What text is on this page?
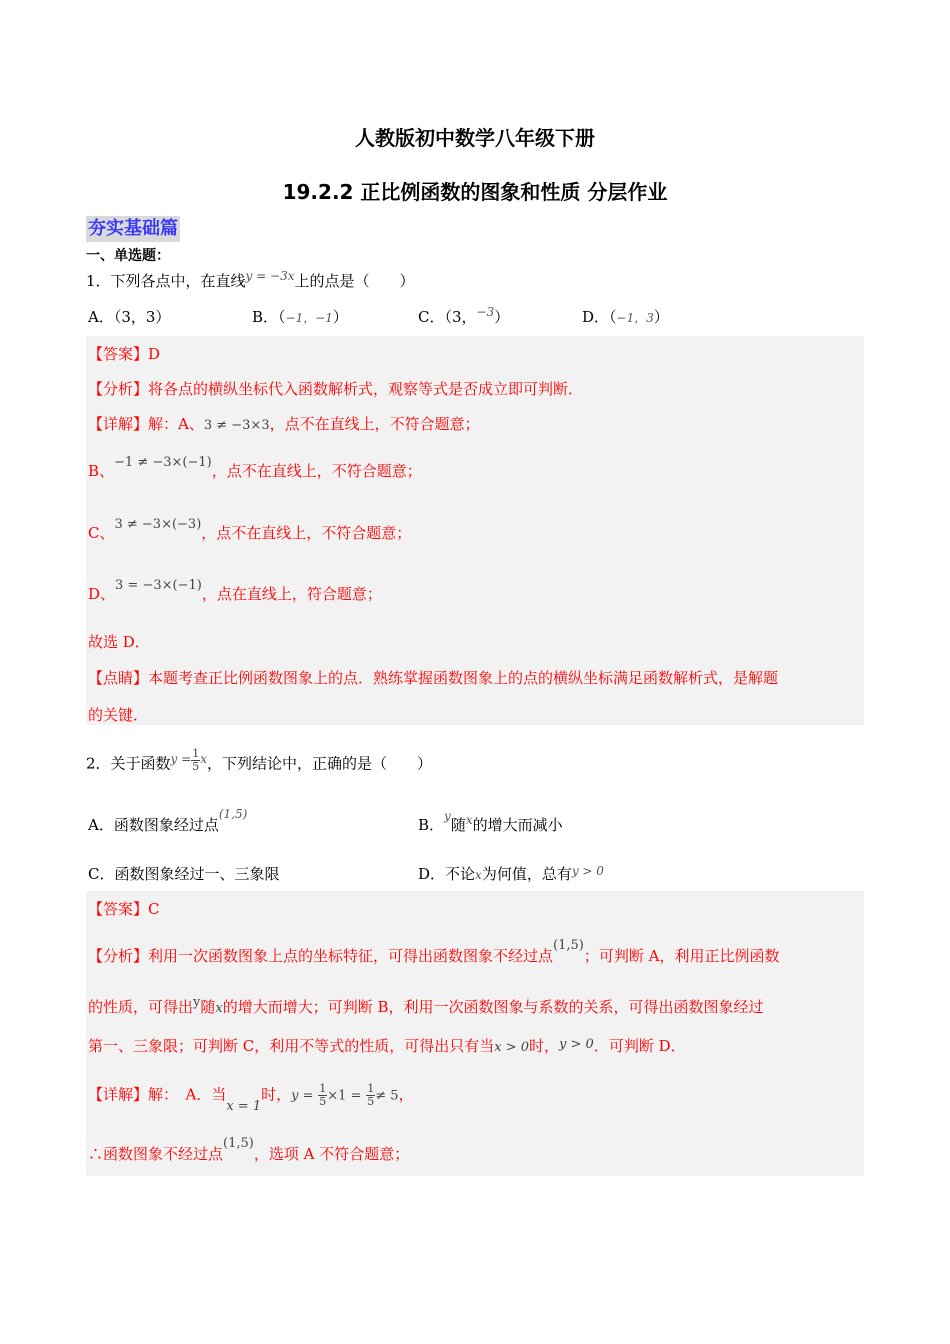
人教版初中数学八年级下册
19.2.2 正比例函数的图象和性质 分层作业
夯实基础篇
一、单选题：
1．下列各点中，在直线$^{y = -3x}$上的点是（　　）
A．（3，3）	B．（−1，−1）	C．（3，$^{-3}$）	D．（−1，3）
【答案】D
【分析】将各点的横纵坐标代入函数解析式，观察等式是否成立即可判断．
【详解】解：A、3 ≠ −3×3，点不在直线上，不符合题意；
B、−1 ≠ −3×(−1)，点不在直线上，不符合题意；
C、3 ≠ −3×(−3)，点不在直线上，不符合题意；
D、3 = −3×(−1)，点在直线上，符合题意；
故选 D．
【点睛】本题考查正比例函数图象上的点．熟练掌握函数图象上的点的横纵坐标满足函数解析式，是解题
的关键．
2．关于函数$^{y =} \frac{1}{5} ^x$，下列结论中，正确的是（　　）
A．函数图象经过点$^{(1,5)}$
B．$^y$随$^x$的增大而减小
C．函数图象经过一、三象限	D．不论x为何值，总有$^{y > 0}$
【答案】C
【分析】利用一次函数图象上点的坐标特征，可得出函数图象不经过点(1,5)；可判断 A，利用正比例函数
的性质，可得出y随x的增大而增大；可判断 B，利用一次函数图象与系数的关系，可得出函数图象经过
第一、三象限；可判断 C，利用不等式的性质，可得出只有当x > 0时，y > 0．可判断 D．
【详解】解：　A．当x = 1时，$y = \frac{1}{5} \times 1 = \frac{1}{5} \ne 5$，
∴函数图象不经过点(1,5)，选项 A 不符合题意；
